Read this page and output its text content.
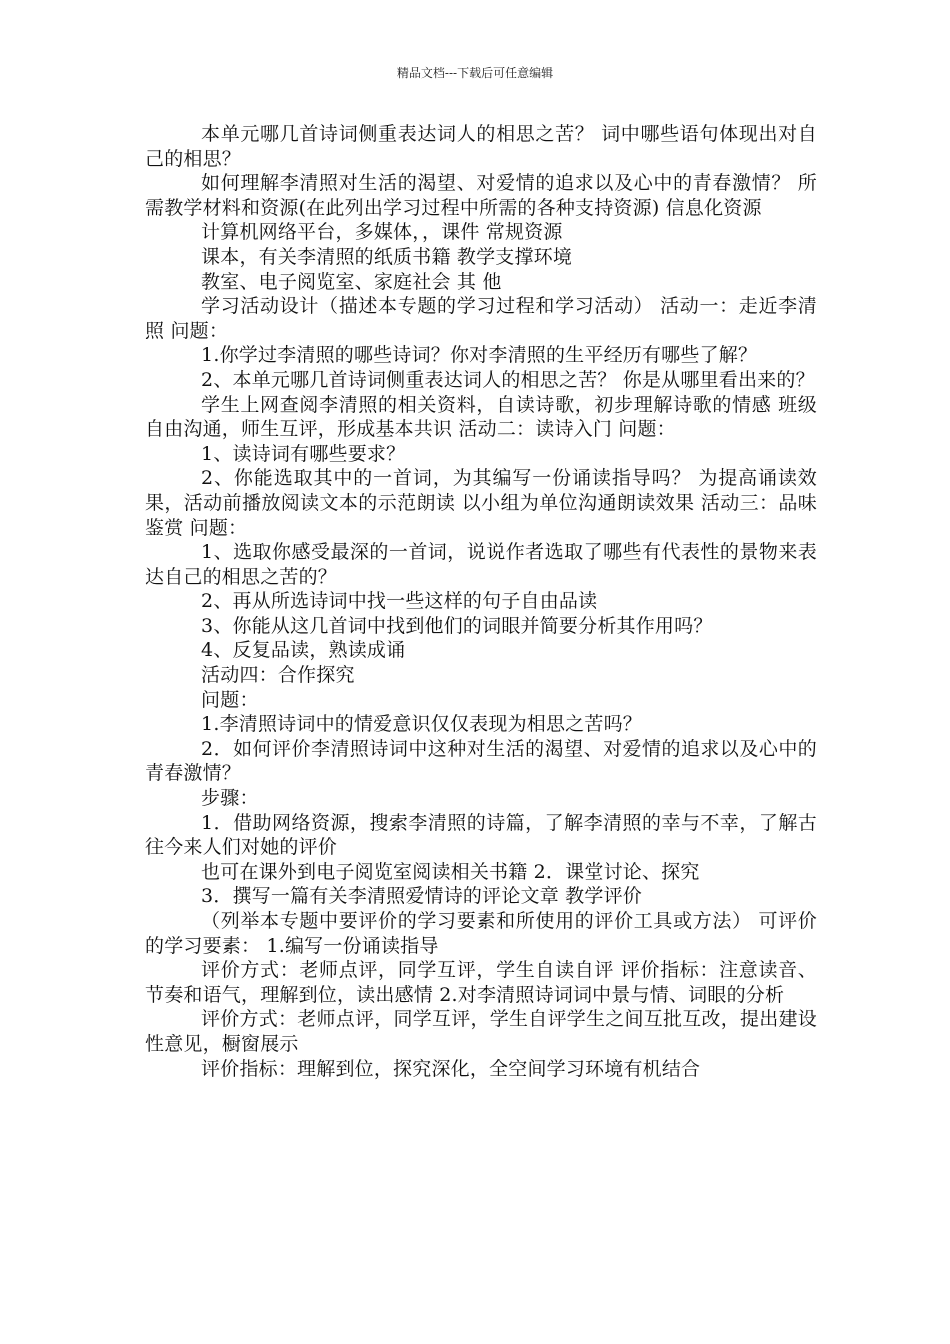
精品文档---下载后可任意编辑

本单元哪几首诗词侧重表达词人的相思之苦？ 词中哪些语句体现出对自己的相思？

如何理解李清照对生活的渴望、对爱情的追求以及心中的青春激情？ 所需教学材料和资源(在此列出学习过程中所需的各种支持资源) 信息化资源

计算机网络平台，多媒体，，课件 常规资源

课本，有关李清照的纸质书籍 教学支撑环境

教室、电子阅览室、家庭社会 其 他

学习活动设计（描述本专题的学习过程和学习活动） 活动一：走近李清照 问题：

1.你学过李清照的哪些诗词？你对李清照的生平经历有哪些了解？

2、本单元哪几首诗词侧重表达词人的相思之苦？ 你是从哪里看出来的？

学生上网查阅李清照的相关资料，自读诗歌，初步理解诗歌的情感 班级自由沟通，师生互评，形成基本共识 活动二：读诗入门 问题：

1、读诗词有哪些要求？

2、你能选取其中的一首词，为其编写一份诵读指导吗？ 为提高诵读效果，活动前播放阅读文本的示范朗读 以小组为单位沟通朗读效果 活动三：品味鉴赏 问题：

1、选取你感受最深的一首词，说说作者选取了哪些有代表性的景物来表达自己的相思之苦的？

2、再从所选诗词中找一些这样的句子自由品读

3、你能从这几首词中找到他们的词眼并简要分析其作用吗？

4、反复品读，熟读成诵

活动四：合作探究

问题：

1.李清照诗词中的情爱意识仅仅表现为相思之苦吗？

2．如何评价李清照诗词中这种对生活的渴望、对爱情的追求以及心中的青春激情？

步骤：

1．借助网络资源，搜索李清照的诗篇，了解李清照的幸与不幸，了解古往今来人们对她的评价

也可在课外到电子阅览室阅读相关书籍 2．课堂讨论、探究

3．撰写一篇有关李清照爱情诗的评论文章 教学评价

（列举本专题中要评价的学习要素和所使用的评价工具或方法） 可评价的学习要素： 1.编写一份诵读指导

评价方式：老师点评，同学互评，学生自读自评 评价指标：注意读音、节奏和语气，理解到位，读出感情 2.对李清照诗词词中景与情、词眼的分析

评价方式：老师点评，同学互评，学生自评学生之间互批互改，提出建设性意见，橱窗展示

评价指标：理解到位，探究深化，全空间学习环境有机结合
